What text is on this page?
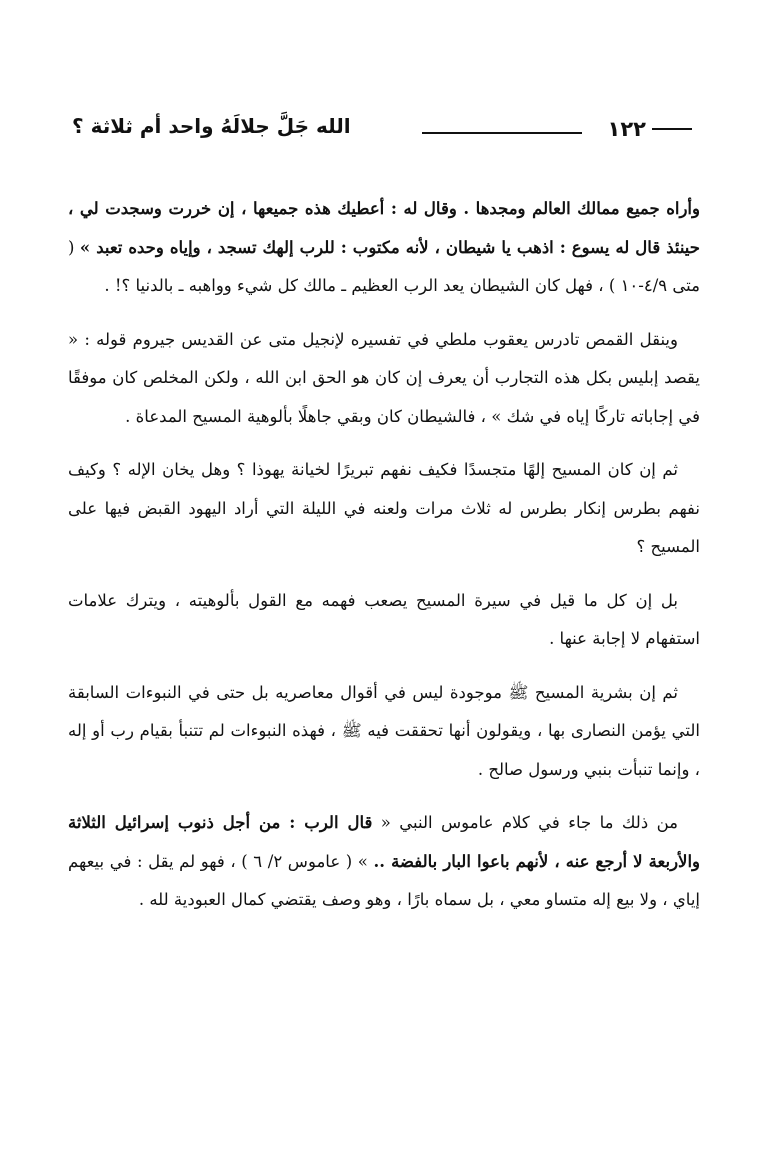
١٢٢
الله جَلَّ جلالَهُ واحد أم ثلاثة ؟

وأراه جميع ممالك العالم ومجدها . وقال له : أعطيك هذه جميعها ، إن خررت وسجدت لي ، حينئذ قال له يسوع : اذهب يا شيطان ، لأنه مكتوب : للرب إلهك تسجد ، وإياه وحده تعبد » ( متى ٤/٩-١٠ ) ، فهل كان الشيطان يعد الرب العظيم ـ مالك كل شيء وواهبه ـ بالدنيا ؟! .

وينقل القمص تادرس يعقوب ملطي في تفسيره لإنجيل متى عن القديس جيروم قوله : « يقصد إبليس بكل هذه التجارب أن يعرف إن كان هو الحق ابن الله ، ولكن المخلص كان موفقًا في إجاباته تاركًا إياه في شك » ، فالشيطان كان وبقي جاهلًا بألوهية المسيح المدعاة .

ثم إن كان المسيح إلهًا متجسدًا فكيف نفهم تبريرًا لخيانة يهوذا ؟ وهل يخان الإله ؟ وكيف نفهم بطرس إنكار بطرس له ثلاث مرات ولعنه في الليلة التي أراد اليهود القبض فيها على المسيح ؟

بل إن كل ما قيل في سيرة المسيح يصعب فهمه مع القول بألوهيته ، ويترك علامات استفهام لا إجابة عنها .

ثم إن بشرية المسيح ﷺ موجودة ليس في أقوال معاصريه بل حتى في النبوءات السابقة التي يؤمن النصارى بها ، ويقولون أنها تحققت فيه ﷺ ، فهذه النبوءات لم تتنبأ بقيام رب أو إله ، وإنما تنبأت بنبي ورسول صالح .

من ذلك ما جاء في كلام عاموس النبي « قال الرب : من أجل ذنوب إسرائيل الثلاثة والأربعة لا أرجع عنه ، لأنهم باعوا البار بالفضة .. » ( عاموس ٢/ ٦ ) ، فهو لم يقل : في بيعهم إياي ، ولا بيع إله متساو معي ، بل سماه بارًا ، وهو وصف يقتضي كمال العبودية لله .
